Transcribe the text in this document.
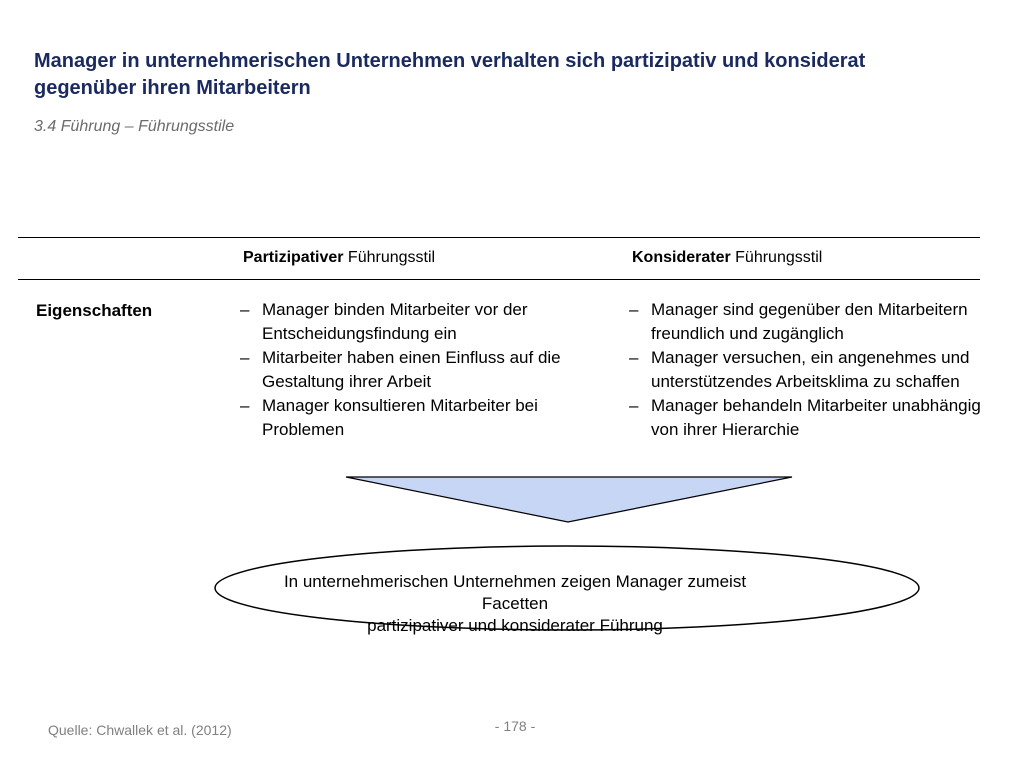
Manager in unternehmerischen Unternehmen verhalten sich partizipativ und konsiderat gegenüber ihren Mitarbeitern
3.4 Führung – Führungsstile
Partizipativer Führungsstil	Konsiderater Führungsstil
Eigenschaften
–	Manager binden Mitarbeiter vor der Entscheidungsfindung ein
– Mitarbeiter haben einen Einfluss auf die Gestaltung ihrer Arbeit
– Manager konsultieren Mitarbeiter bei Problemen
– Manager sind gegenüber den Mitarbeitern freundlich und zugänglich
– Manager versuchen, ein angenehmes und unterstützendes Arbeitsklima zu schaffen
– Manager behandeln Mitarbeiter unabhängig von ihrer Hierarchie
In unternehmerischen Unternehmen zeigen Manager zumeist Facetten
partizipativer und konsiderater Führung
Quelle: Chwallek et al. (2012)	- 178 -
